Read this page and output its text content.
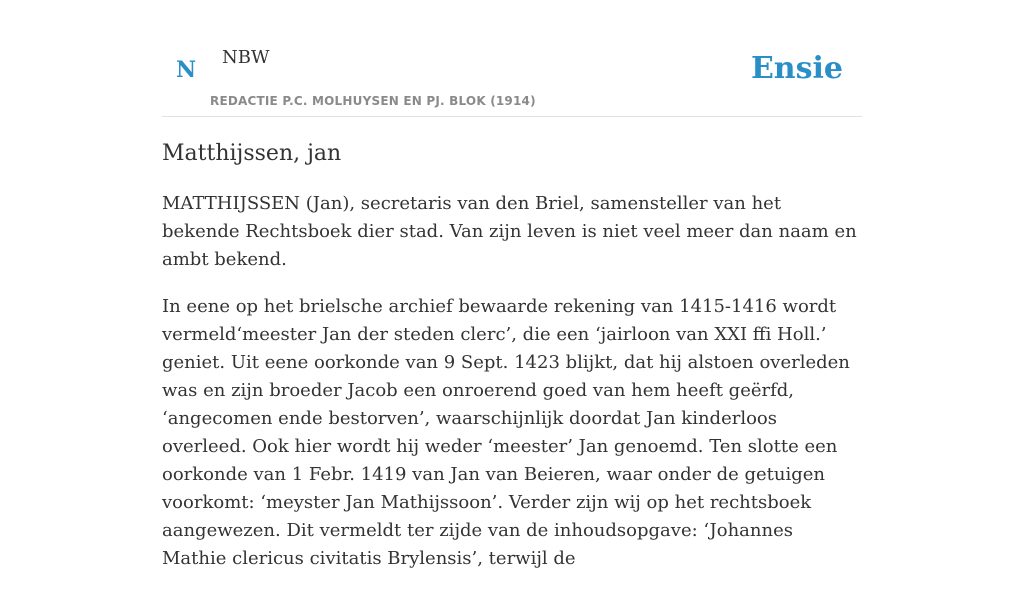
N NBW
REDACTIE P.C. MOLHUYSEN EN PJ. BLOK (1914)
Ensie
Matthijssen, jan

MATTHIJSSEN (Jan), secretaris van den Briel, samensteller van het bekende Rechtsboek dier stad. Van zijn leven is niet veel meer dan naam en ambt bekend.

In eene op het brielsche archief bewaarde rekening van 1415-1416 wordt vermeld‘meester Jan der steden clerc’, die een ‘jairloon van XXI ffi Holl.’ geniet. Uit eene oorkonde van 9 Sept. 1423 blijkt, dat hij alstoen overleden was en zijn broeder Jacob een onroerend goed van hem heeft geërfd, ‘angecomen ende bestorven’, waarschijnlijk doordat Jan kinderloos overleed. Ook hier wordt hij weder ‘meester’ Jan genoemd. Ten slotte een oorkonde van 1 Febr. 1419 van Jan van Beieren, waar onder de getuigen voorkomt: ‘meyster Jan Mathijssoon’. Verder zijn wij op het rechtsboek aangewezen. Dit vermeldt ter zijde van de inhoudsopgave: ‘Johannes Mathie clericus civitatis Brylensis’, terwijl de
